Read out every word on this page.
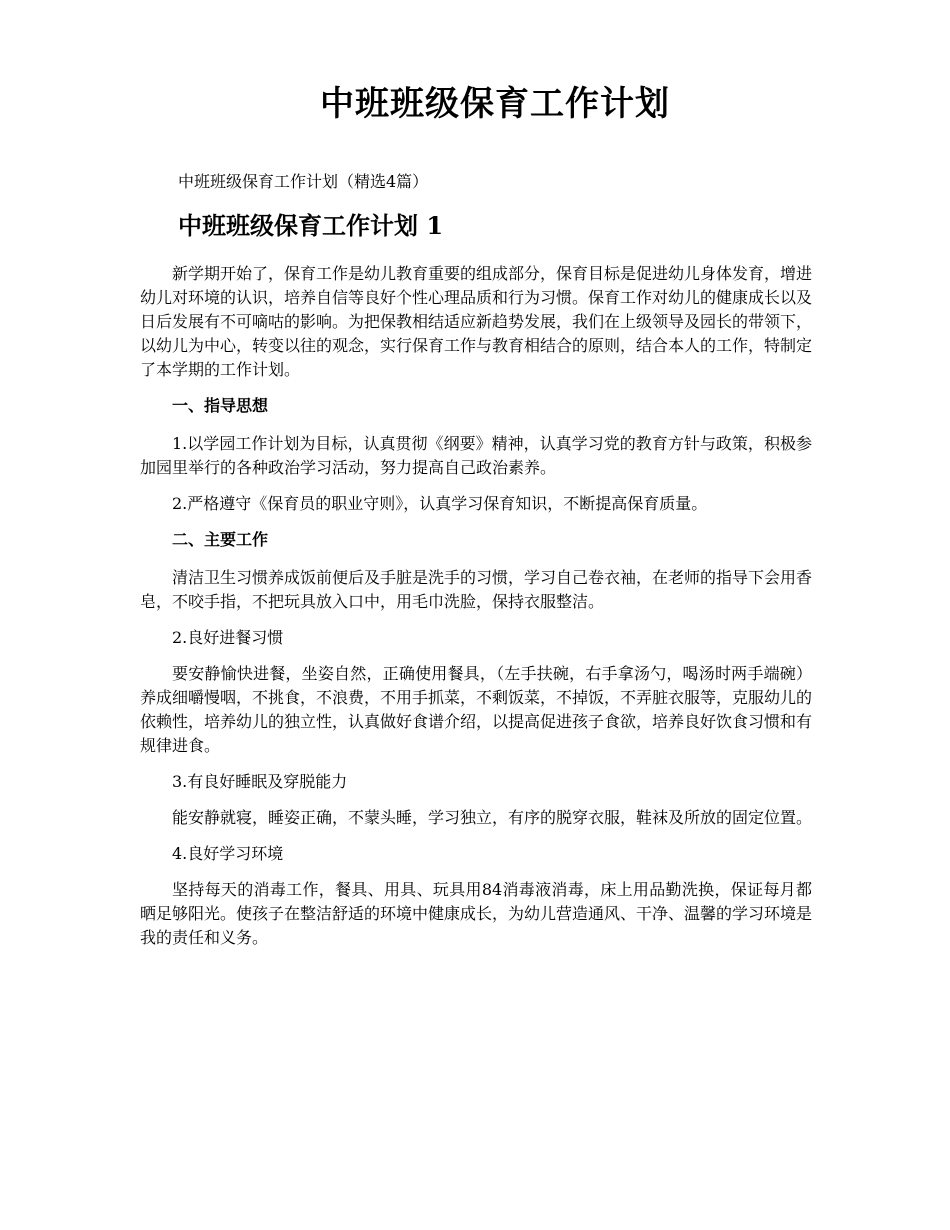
中班班级保育工作计划
中班班级保育工作计划（精选4篇）
中班班级保育工作计划 1

新学期开始了，保育工作是幼儿教育重要的组成部分，保育目标是促进幼儿身体发育，增进幼儿对环境的认识，培养自信等良好个性心理品质和行为习惯。保育工作对幼儿的健康成长以及日后发展有不可嘀咕的影响。为把保教相结适应新趋势发展，我们在上级领导及园长的带领下，以幼儿为中心，转变以往的观念，实行保育工作与教育相结合的原则，结合本人的工作，特制定了本学期的工作计划。

一、指导思想

1.以学园工作计划为目标，认真贯彻《纲要》精神，认真学习党的教育方针与政策，积极参加园里举行的各种政治学习活动，努力提高自己政治素养。

2.严格遵守《保育员的职业守则》，认真学习保育知识，不断提高保育质量。

二、主要工作

清洁卫生习惯养成饭前便后及手脏是洗手的习惯，学习自己卷衣袖，在老师的指导下会用香皂，不咬手指，不把玩具放入口中，用毛巾洗脸，保持衣服整洁。

2.良好进餐习惯

要安静愉快进餐，坐姿自然，正确使用餐具，（左手扶碗，右手拿汤勺，喝汤时两手端碗）养成细嚼慢咽，不挑食，不浪费，不用手抓菜，不剩饭菜，不掉饭，不弄脏衣服等，克服幼儿的依赖性，培养幼儿的独立性，认真做好食谱介绍，以提高促进孩子食欲，培养良好饮食习惯和有规律进食。

3.有良好睡眠及穿脱能力

能安静就寝，睡姿正确，不蒙头睡，学习独立，有序的脱穿衣服，鞋袜及所放的固定位置。

4.良好学习环境

坚持每天的消毒工作，餐具、用具、玩具用84消毒液消毒，床上用品勤洗换，保证每月都晒足够阳光。使孩子在整洁舒适的环境中健康成长，为幼儿营造通风、干净、温馨的学习环境是我的责任和义务。
